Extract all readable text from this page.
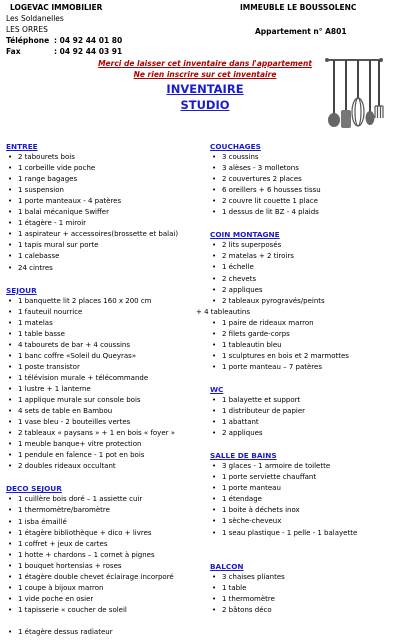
LOGEVAC IMMOBILIER
Les Soldanelles
LES ORRES
Téléphone : 04 92 44 01 80
Fax	: 04 92 44 03 91
IMMEUBLE LE BOUSSOLENC
Appartement n° A801
Merci de laisser cet inventaire dans l'appartement
Ne rien inscrire sur cet inventaire
INVENTAIRE
STUDIO
ENTREE
• 2 tabourets bois
• 1 corbeille vide poche
• 1 range bagages
• 1 suspension
• 1 porte manteaux - 4 patères
• 1 balai mécanique Swiffer
• 1 étagère - 1 miroir
• 1 aspirateur + accessoires(brossette et balai)
• 1 tapis mural sur porte
• 1 calebasse
• 24 cintres
SEJOUR
• 1 banquette lit 2 places 160 x 200 cm
• 1 fauteuil nourrice
• 1 matelas
• 1 table basse
• 4 tabourets de bar + 4 coussins
• 1 banc coffre «Soleil du Queyras»
• 1 poste transistor
• 1 télévision murale + télécommande
• 1 lustre + 1 lanterne
• 1 applique murale sur console bois
• 4 sets de table en Bambou
• 1 vase bleu - 2 bouteilles vertes
• 2 tableaux « paysans » + 1 en bois « foyer »
• 1 meuble banque+ vitre protection
• 1 pendule en faïence - 1 pot en bois
• 2 doubles rideaux occultant
DECO SEJOUR
• 1 cuillère bois doré – 1 assiette cuir
• 1 thermomètre/baromètre
• 1 isba émaillé
• 1 étagère bibliothèque + dico + livres
• 1 coffret + jeux de cartes
• 1 hotte + chardons – 1 cornet à pignes
• 1 bouquet hortensias + roses
• 1 étagère double chevet éclairage incorporé
• 1 coupe à bijoux marron
• 1 vide poche en osier
• 1 tapisserie « coucher de soleil
• 1 étagère dessus radiateur
COUCHAGES
• 3 coussins
• 3 alèses - 3 molletons
• 2 couvertures 2 places
• 6 oreillers + 6 housses tissu
• 2 couvre lit couette 1 place
• 1 dessus de lit BZ - 4 plaids
COIN MONTAGNE
• 2 lits superposés
• 2 matelas + 2 tiroirs
• 1 échelle
• 2 chevets
• 2 appliques
• 2 tableaux pyrogravés/peints
+ 4 tableautins
• 1 paire de rideaux marron
• 2 filets garde-corps
• 1 tableautin bleu
• 1 sculptures en bois et 2 marmottes
• 1 porte manteau – 7 patères
WC
• 1 balayette et support
• 1 distributeur de papier
• 1 abattant
• 2 appliques
SALLE DE BAINS
• 3 glaces - 1 armoire de toilette
• 1 porte serviette chauffant
• 1 porte manteau
• 1 étendage
• 1 boite à déchets inox
• 1 sèche-cheveux
• 1 seau plastique - 1 pelle - 1 balayette
BALCON
• 3 chaises pliantes
• 1 table
• 1 thermomètre
• 2 bâtons déco
